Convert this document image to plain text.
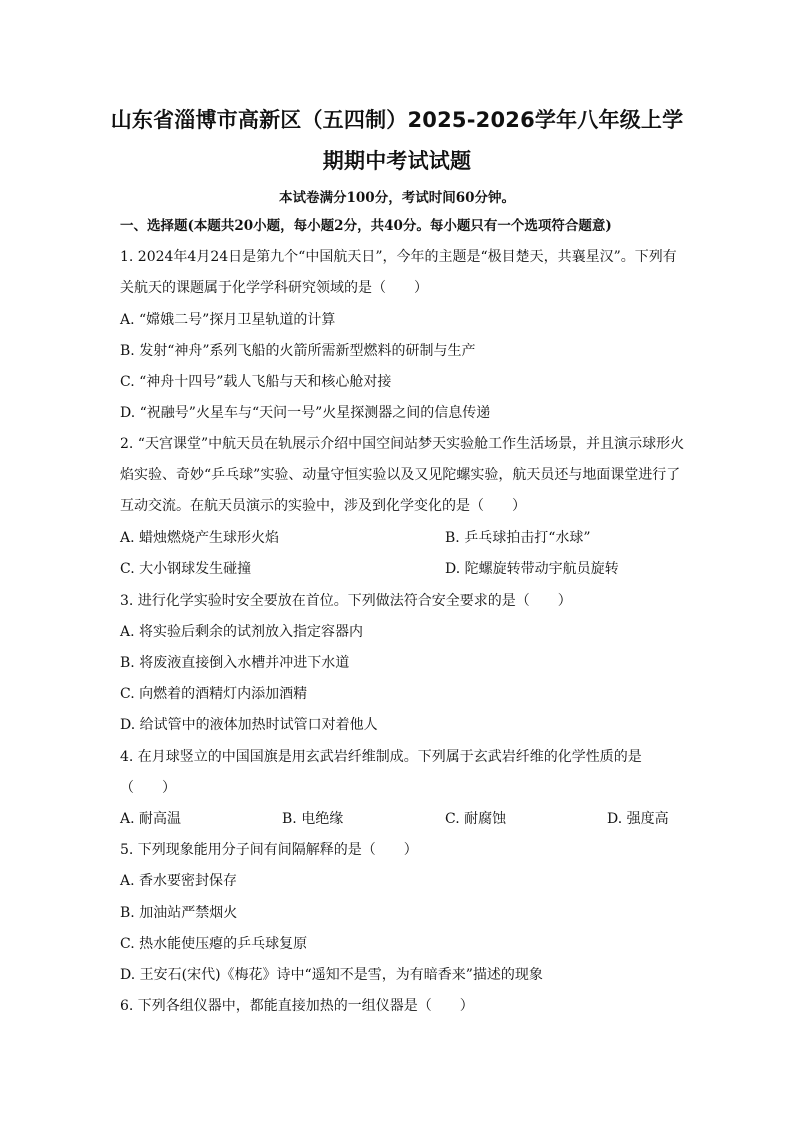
山东省淄博市高新区（五四制）2025-2026学年八年级上学
期期中考试试题
本试卷满分100分，考试时间60分钟。
一、选择题(本题共20小题，每小题2分，共40分。每小题只有一个选项符合题意)
1. 2024年4月24日是第九个“中国航天日”，今年的主题是“极目楚天，共襄星汉”。下列有
关航天的课题属于化学学科研究领域的是（　　）
A. “嫦娥二号”探月卫星轨道的计算
B. 发射“神舟”系列飞船的火箭所需新型燃料的研制与生产
C. “神舟十四号”载人飞船与天和核心舱对接
D. “祝融号”火星车与“天问一号”火星探测器之间的信息传递
2. “天宫课堂”中航天员在轨展示介绍中国空间站梦天实验舱工作生活场景，并且演示球形火
焰实验、奇妙“乒乓球”实验、动量守恒实验以及又见陀螺实验，航天员还与地面课堂进行了
互动交流。在航天员演示的实验中，涉及到化学变化的是（　　）
A. 蜡烛燃烧产生球形火焰	B. 乒乓球拍击打“水球”
C. 大小钢球发生碰撞	D. 陀螺旋转带动宇航员旋转
3. 进行化学实验时安全要放在首位。下列做法符合安全要求的是（　　）
A. 将实验后剩余的试剂放入指定容器内
B. 将废液直接倒入水槽并冲进下水道
C. 向燃着的酒精灯内添加酒精
D. 给试管中的液体加热时试管口对着他人
4. 在月球竖立的中国国旗是用玄武岩纤维制成。下列属于玄武岩纤维的化学性质的是
（　　）
A. 耐高温	B. 电绝缘	C. 耐腐蚀	D. 强度高
5. 下列现象能用分子间有间隔解释的是（　　）
A. 香水要密封保存
B. 加油站严禁烟火
C. 热水能使压瘪的乒乓球复原
D. 王安石(宋代)《梅花》诗中“遥知不是雪，为有暗香来”描述的现象
6. 下列各组仪器中，都能直接加热的一组仪器是（　　）
